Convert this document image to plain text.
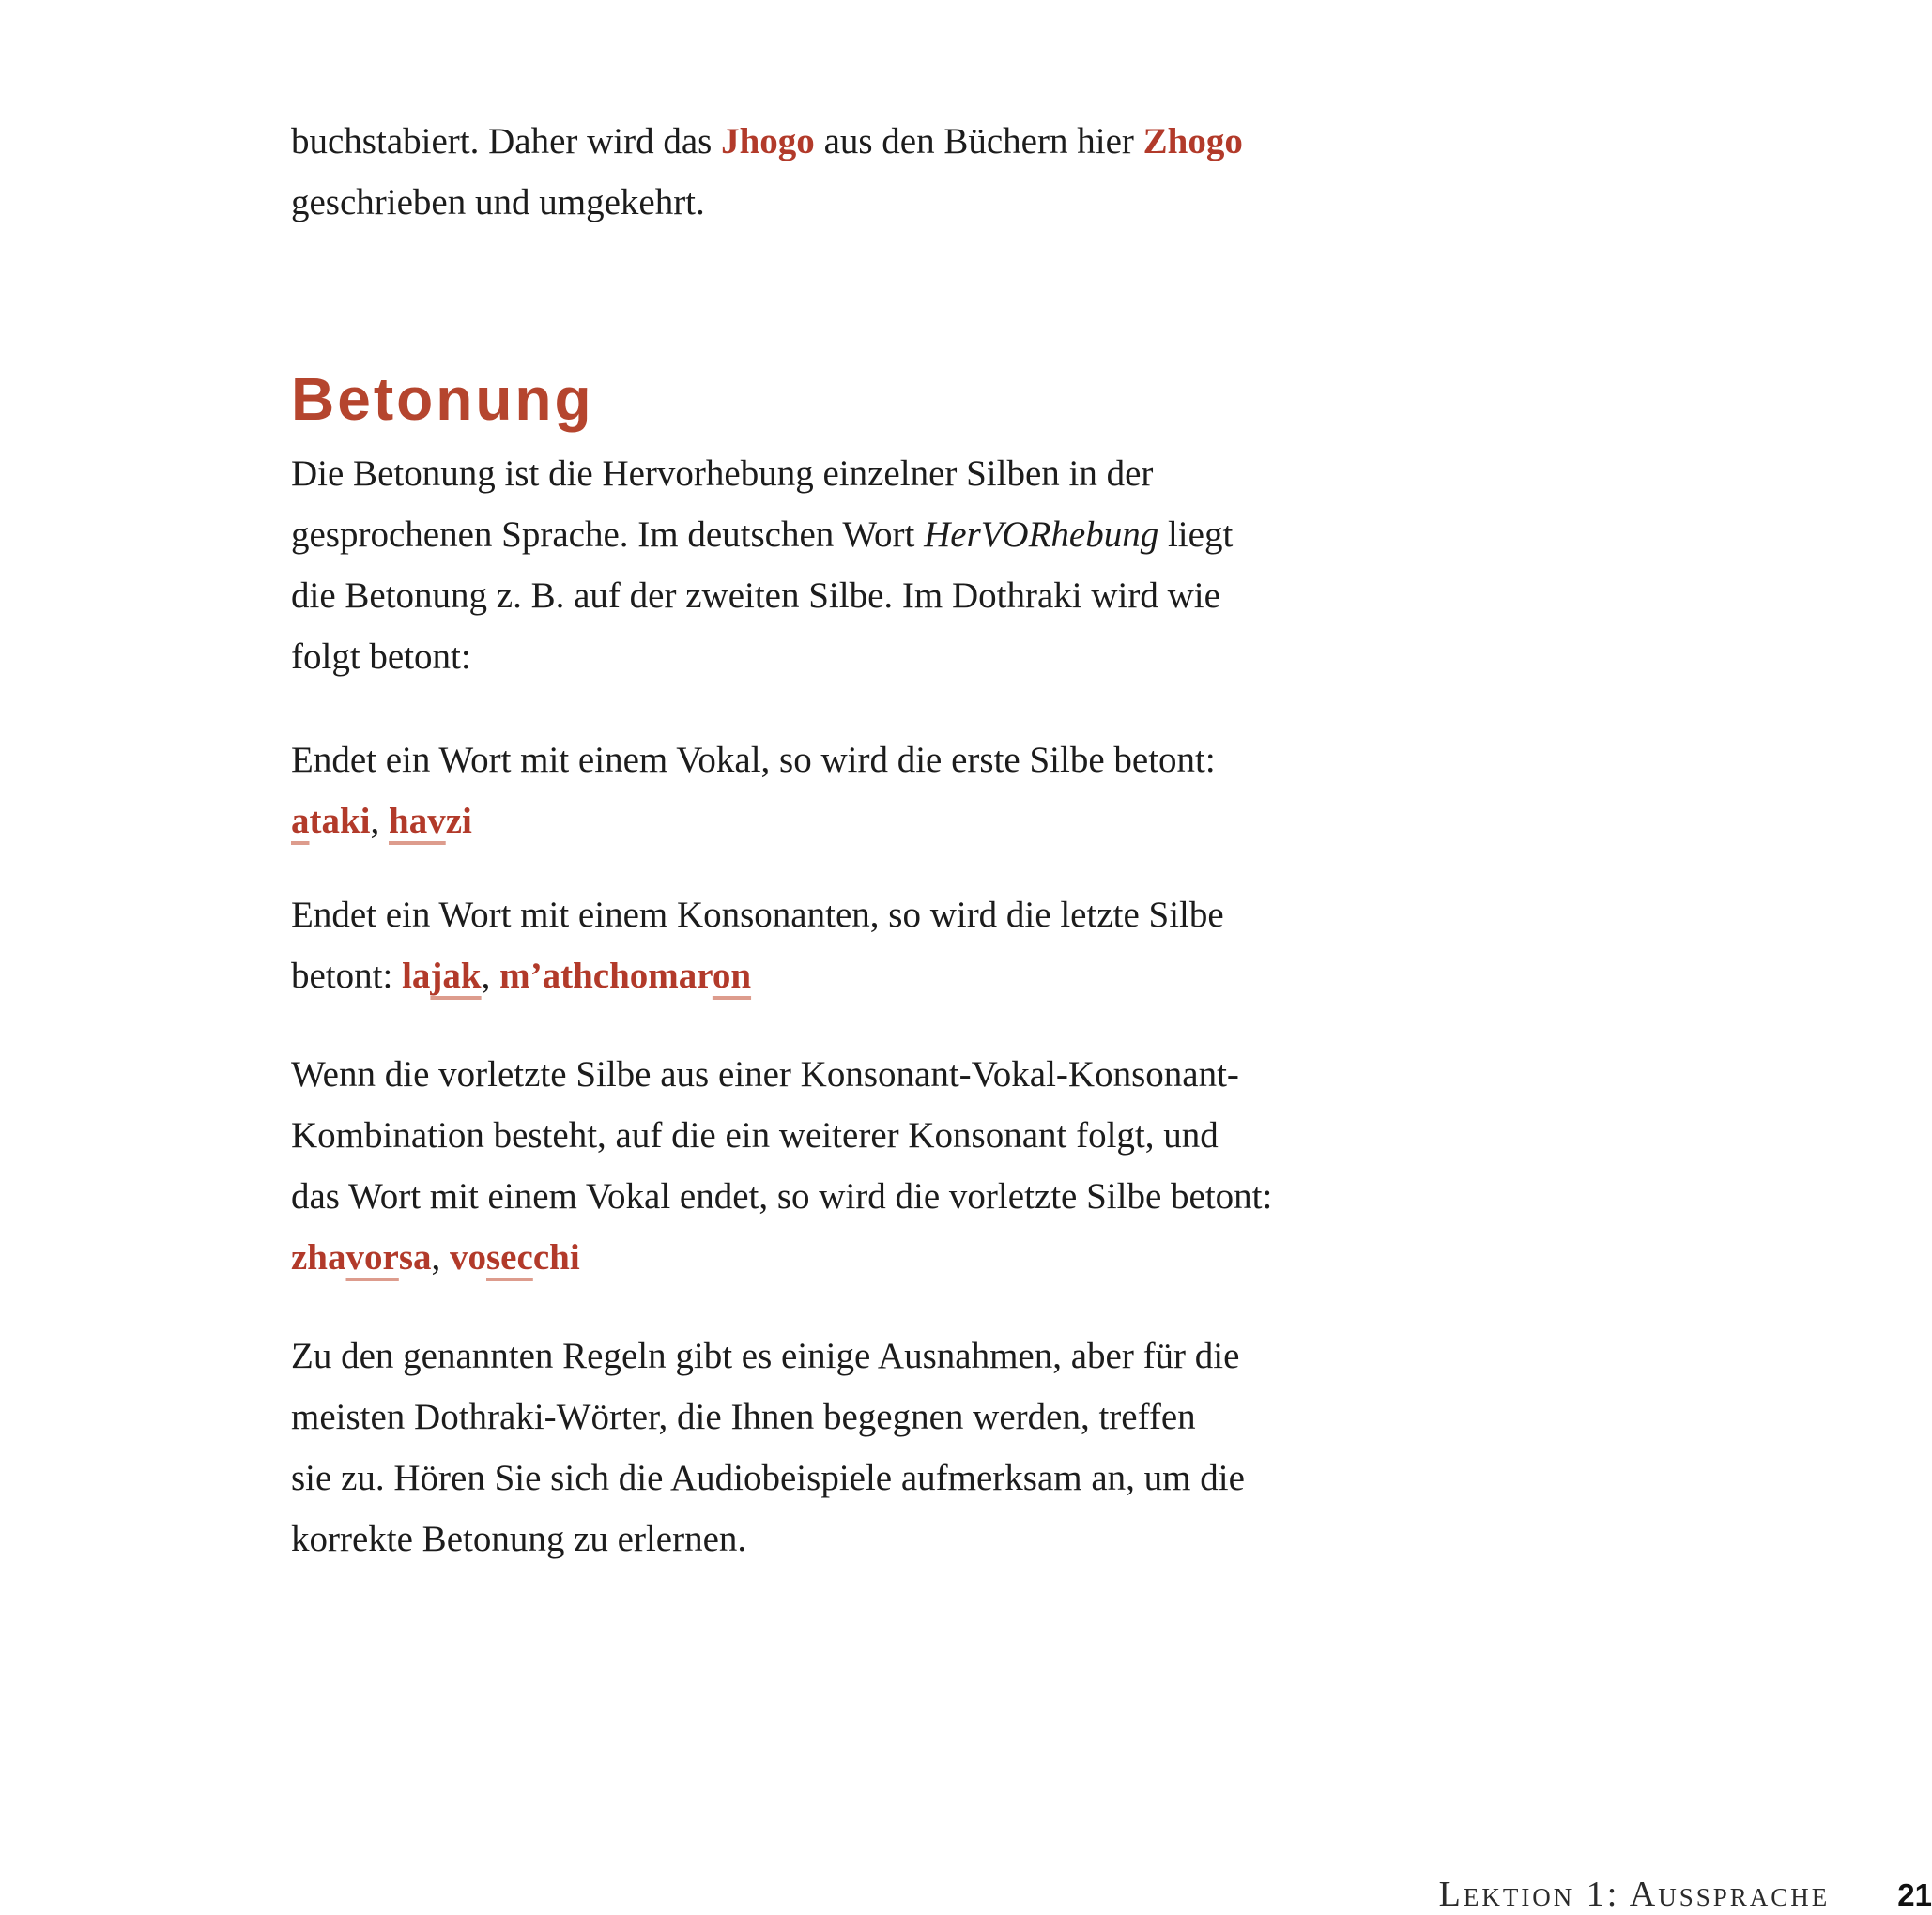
buchstabiert. Daher wird das Jhogo aus den Büchern hier Zhogo
geschrieben und umgekehrt.

Betonung

Die Betonung ist die Hervorhebung einzelner Silben in der
gesprochenen Sprache. Im deutschen Wort HerVORhebung liegt
die Betonung z. B. auf der zweiten Silbe. Im Dothraki wird wie
folgt betont:

Endet ein Wort mit einem Vokal, so wird die erste Silbe betont:
ataki, havzi

Endet ein Wort mit einem Konsonanten, so wird die letzte Silbe
betont: lajak, m’athchomaron

Wenn die vorletzte Silbe aus einer Konsonant-Vokal-Konsonant-
Kombination besteht, auf die ein weiterer Konsonant folgt, und
das Wort mit einem Vokal endet, so wird die vorletzte Silbe betont:
zhavorsa, vosecchi

Zu den genannten Regeln gibt es einige Ausnahmen, aber für die
meisten Dothraki-Wörter, die Ihnen begegnen werden, treffen
sie zu. Hören Sie sich die Audiobeispiele aufmerksam an, um die
korrekte Betonung zu erlernen.

Lektion 1: Aussprache 21
